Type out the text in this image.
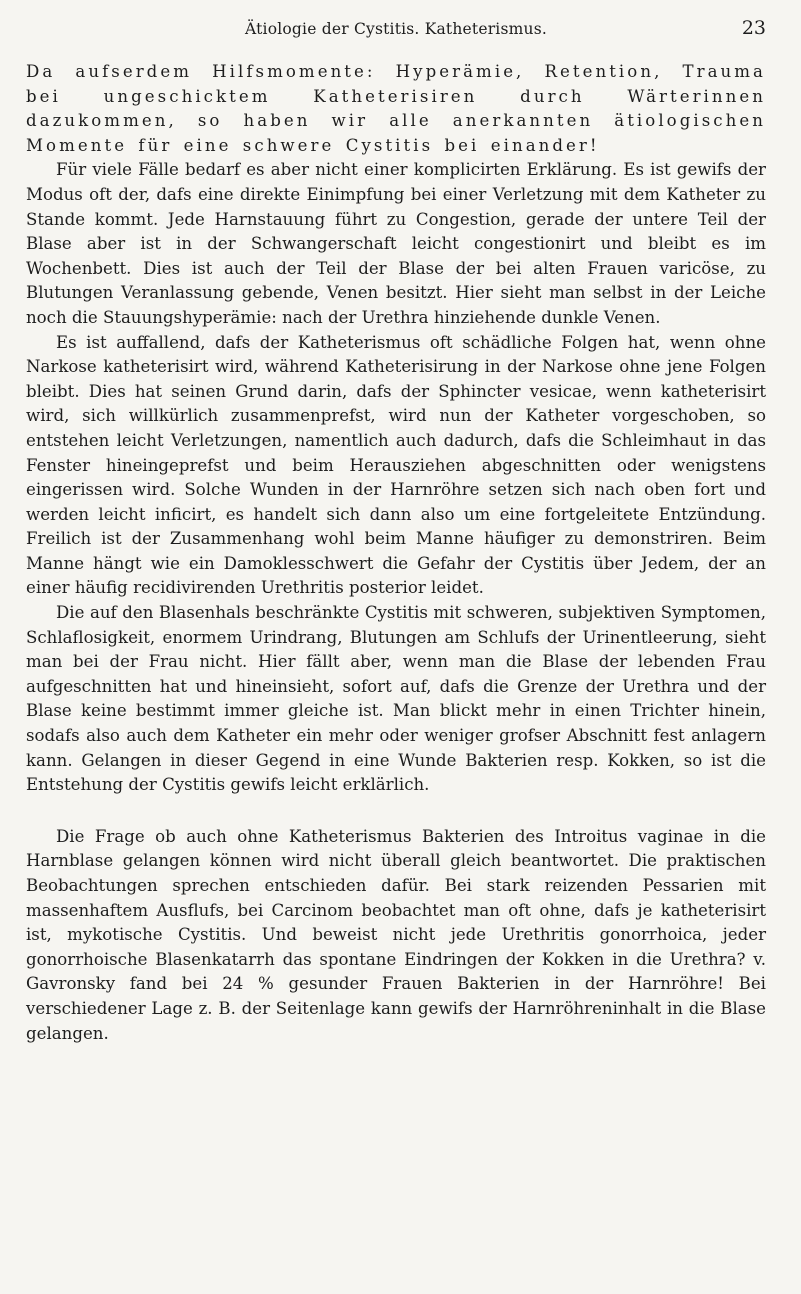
Ätiologie der Cystitis. Katheterismus.	23

Da aufserdem Hilfsmomente: Hyperämie, Retention, Trauma bei ungeschicktem Katheterisiren durch Wärterinnen dazukommen, so haben wir alle anerkannten ätiologischen Momente für eine schwere Cystitis bei einander!

Für viele Fälle bedarf es aber nicht einer komplicirten Erklärung. Es ist gewifs der Modus oft der, dafs eine direkte Einimpfung bei einer Verletzung mit dem Katheter zu Stande kommt. Jede Harnstauung führt zu Congestion, gerade der untere Teil der Blase aber ist in der Schwangerschaft leicht congestionirt und bleibt es im Wochenbett. Dies ist auch der Teil der Blase der bei alten Frauen varicöse, zu Blutungen Veranlassung gebende, Venen besitzt. Hier sieht man selbst in der Leiche noch die Stauungshyperämie: nach der Urethra hinziehende dunkle Venen.

Es ist auffallend, dafs der Katheterismus oft schädliche Folgen hat, wenn ohne Narkose katheterisirt wird, während Katheterisirung in der Narkose ohne jene Folgen bleibt. Dies hat seinen Grund darin, dafs der Sphincter vesicae, wenn katheterisirt wird, sich willkürlich zusammenprefst, wird nun der Katheter vorgeschoben, so entstehen leicht Verletzungen, namentlich auch dadurch, dafs die Schleimhaut in das Fenster hineingeprefst und beim Herausziehen abgeschnitten oder wenigstens eingerissen wird. Solche Wunden in der Harnröhre setzen sich nach oben fort und werden leicht inficirt, es handelt sich dann also um eine fortgeleitete Entzündung. Freilich ist der Zusammenhang wohl beim Manne häufiger zu demonstriren. Beim Manne hängt wie ein Damoklesschwert die Gefahr der Cystitis über Jedem, der an einer häufig recidivirenden Urethritis posterior leidet.

Die auf den Blasenhals beschränkte Cystitis mit schweren, subjektiven Symptomen, Schlaflosigkeit, enormem Urindrang, Blutungen am Schlufs der Urinentleerung, sieht man bei der Frau nicht. Hier fällt aber, wenn man die Blase der lebenden Frau aufgeschnitten hat und hineinsieht, sofort auf, dafs die Grenze der Urethra und der Blase keine bestimmt immer gleiche ist. Man blickt mehr in einen Trichter hinein, sodafs also auch dem Katheter ein mehr oder weniger grofser Abschnitt fest anlagern kann. Gelangen in dieser Gegend in eine Wunde Bakterien resp. Kokken, so ist die Entstehung der Cystitis gewifs leicht erklärlich.

Die Frage ob auch ohne Katheterismus Bakterien des Introitus vaginae in die Harnblase gelangen können wird nicht überall gleich beantwortet. Die praktischen Beobachtungen sprechen entschieden dafür. Bei stark reizenden Pessarien mit massenhaftem Ausflufs, bei Carcinom beobachtet man oft ohne, dafs je katheterisirt ist, mykotische Cystitis. Und beweist nicht jede Urethritis gonorrhoica, jeder gonorrhoische Blasenkatarrh das spontane Eindringen der Kokken in die Urethra? v. Gavronsky fand bei 24 % gesunder Frauen Bakterien in der Harnröhre! Bei verschiedener Lage z. B. der Seitenlage kann gewifs der Harnröhreninhalt in die Blase gelangen.
